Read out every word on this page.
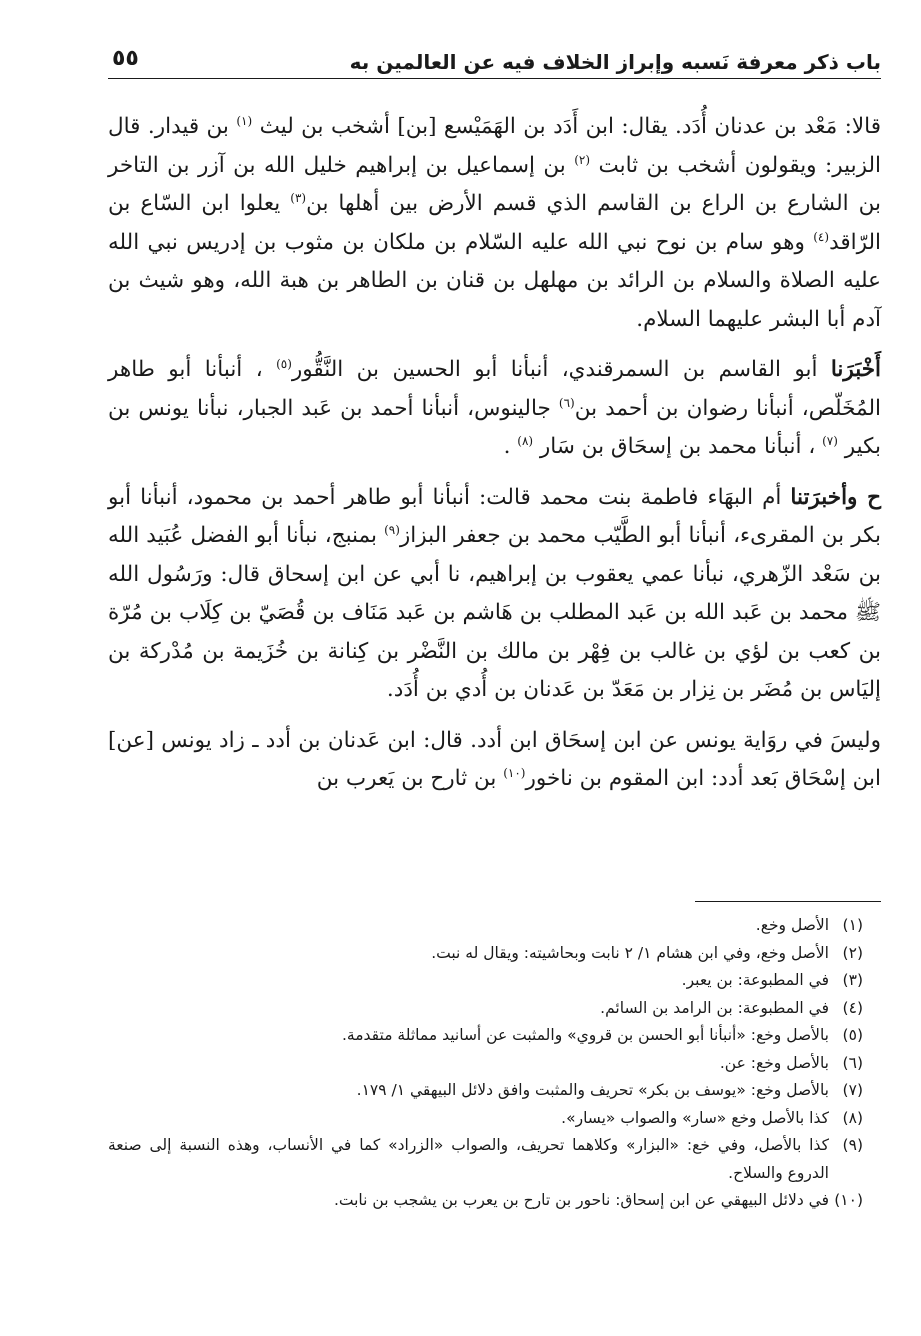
باب ذكر معرفة نَسبه وإبراز الخلاف فيه عن العالمين به
٥٥

قالا: مَعْد بن عدنان أُدَد. يقال: ابن أَدَد بن الهَمَيْسع [بن] أشخب بن ليث $^{(١)}$ بن قيدار. قال الزبير: ويقولون أشخب بن ثابت $^{(٢)}$ بن إسماعيل بن إبراهيم خليل الله بن آزر بن التاخر بن الشارع بن الراع بن القاسم الذي قسم الأرض بين أهلها بن$^{(٣)}$ يعلوا ابن السّاع بن الرّاقد$^{(٤)}$ وهو سام بن نوح نبي الله عليه السّلام بن ملكان بن مثوب بن إدريس نبي الله عليه الصلاة والسلام بن الرائد بن مهلهل بن قنان بن الطاهر بن هبة الله، وهو شيث بن آدم أبا البشر عليهما السلام.

أَخْبَرَنا أبو القاسم بن السمرقندي، أنبأنا أبو الحسين بن النَّقُّور$^{(٥)}$ ، أنبأنا أبو طاهر المُخَلّص، أنبأنا رضوان بن أحمد بن$^{(٦)}$ جالينوس، أنبأنا أحمد بن عَبد الجبار، نبأنا يونس بن بكير $^{(٧)}$ ، أنبأنا محمد بن إسحَاق بن سَار $^{(٨)}$ .

ح وأخبرَتنا أم البهَاء فاطمة بنت محمد قالت: أنبأنا أبو طاهر أحمد بن محمود، أنبأنا أبو بكر بن المقرىء، أنبأنا أبو الطَّيّب محمد بن جعفر البزاز$^{(٩)}$ بمنبج، نبأنا أبو الفضل عُبَيد الله بن سَعْد الزّهري، نبأنا عمي يعقوب بن إبراهيم، نا أبي عن ابن إسحاق قال: ورَسُول الله ﷺ محمد بن عَبد الله بن عَبد المطلب بن هَاشم بن عَبد مَنَاف بن قُصَيّ بن كِلَاب بن مُرّة بن كعب بن لؤي بن غالب بن فِهْر بن مالك بن النَّضْر بن كِنانة بن خُزَيمة بن مُدْركة بن إليَاس بن مُضَر بن نِزار بن مَعَدّ بن عَدنان بن أُدي بن أُدَد.

وليسَ في روَاية يونس عن ابن إسحَاق ابن أدد. قال: ابن عَدنان بن أدد ـ زاد يونس [عن] ابن إسْحَاق بَعد أدد: ابن المقوم بن ناخور$^{(١٠)}$ بن ثارح بن يَعرب بن

(١)
الأصل وخع.
(٢)
الأصل وخع، وفي ابن هشام ١/ ٢ نابت وبحاشيته: ويقال له نبت.
(٣)
في المطبوعة: بن يعبر.
(٤)
في المطبوعة: بن الرامد بن السائم.
(٥)
بالأصل وخع: «أنبأنا أبو الحسن بن قروي» والمثبت عن أسانيد مماثلة متقدمة.
(٦)
بالأصل وخع: عن.
(٧)
بالأصل وخع: «يوسف بن بكر» تحريف والمثبت وافق دلائل البيهقي ١/ ١٧٩.
(٨)
كذا بالأصل وخع «سار» والصواب «يسار».
(٩)
كذا بالأصل، وفي خع: «البزار» وكلاهما تحريف، والصواب «الزراد» كما في الأنساب، وهذه النسبة إلى صنعة الدروع والسلاح.
(١٠)
في دلائل البيهقي عن ابن إسحاق: ناحور بن تارح بن يعرب بن يشجب بن نابت.
